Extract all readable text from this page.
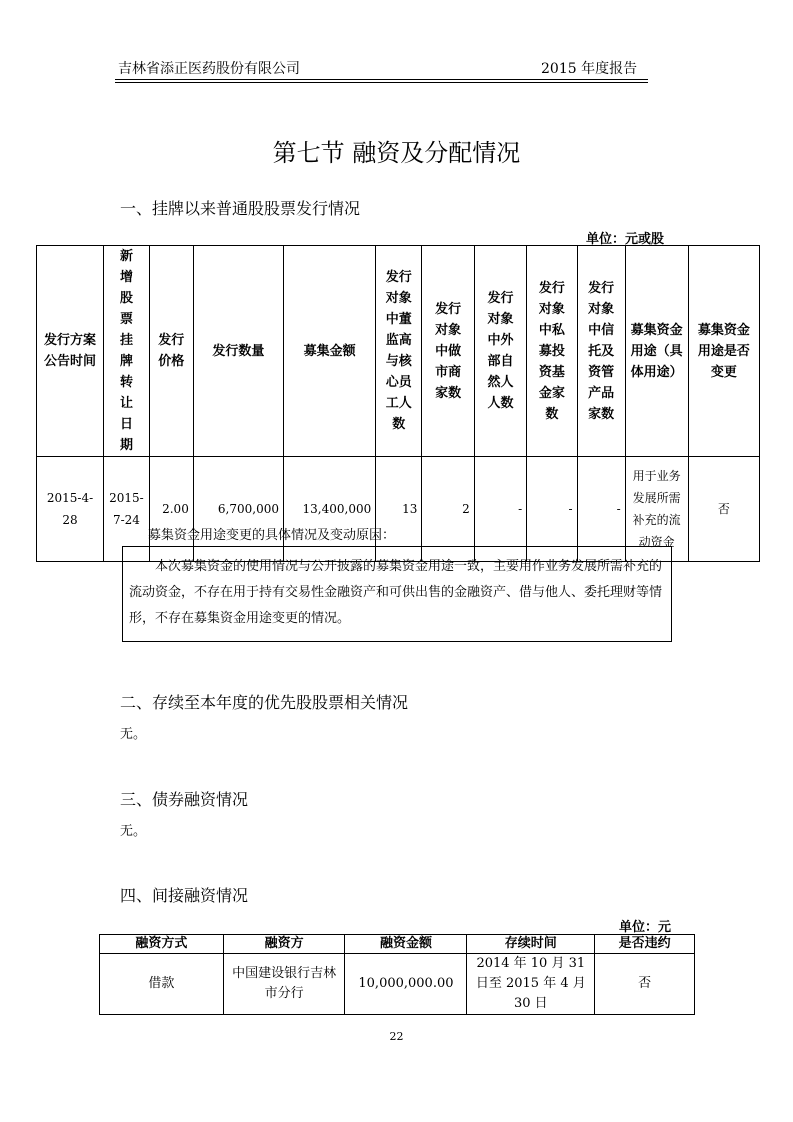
吉林省添正医药股份有限公司	2015 年度报告
第七节 融资及分配情况
一、挂牌以来普通股股票发行情况
单位：元或股
发行方案公告时间	新增股票挂牌转让日期	发行价格	发行数量	募集金额	发行对象中董监高与核心员工人数	发行对象中做市商家数	发行对象中外部自然人人数	发行对象中私募投资基金家数	发行对象中信托及资管产品家数	募集资金用途（具体用途）	募集资金用途是否变更
2015-4-28	2015-7-24	2.00	6,700,000	13,400,000	13	2	-	-	-	用于业务发展所需补充的流动资金	否
募集资金用途变更的具体情况及变动原因：
本次募集资金的使用情况与公开披露的募集资金用途一致，主要用作业务发展所需补充的流动资金，不存在用于持有交易性金融资产和可供出售的金融资产、借与他人、委托理财等情形，不存在募集资金用途变更的情况。
二、存续至本年度的优先股股票相关情况
无。
三、债券融资情况
无。
四、间接融资情况
单位：元
融资方式	融资方	融资金额	存续时间	是否违约
借款	中国建设银行吉林市分行	10,000,000.00	2014 年 10 月 31 日至 2015 年 4 月 30 日	否
22
